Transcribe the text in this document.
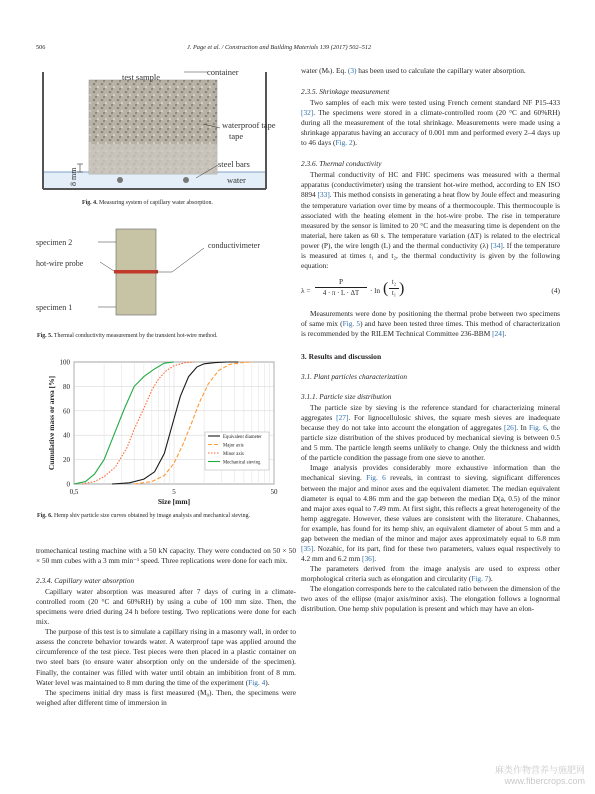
506	J. Page et al. / Construction and Building Materials 139 (2017) 502–512
test sample	container
waterproof tape
tape
steel bars
water
8 mm
Fig. 4. Measuring system of capillary water absorption.
specimen 2
hot-wire probe
conductivimeter
specimen 1
Fig. 5. Thermal conductivity measurement by the transient hot-wire method.
0
20
40
60
80
100
0,5	5	50
Size [mm]
Cumulative mass or area [%]	Equivalent diameter
Major axis
Minor axis
Mechanical sieving
Fig. 6. Hemp shiv particle size curves obtained by image analysis and mechanical sieving.

tromechanical testing machine with a 50 kN capacity. They were conducted on 50 × 50 × 50 mm cubes with a 3 mm min⁻¹ speed. Three replications were done for each mix.

2.3.4. Capillary water absorption

Capillary water absorption was measured after 7 days of curing in a climate-controlled room (20 °C and 60%RH) by using a cube of 100 mm size. Then, the specimens were dried during 24 h before testing. Two replications were done for each mix.

The purpose of this test is to simulate a capillary rising in a masonry wall, in order to assess the concrete behavior towards water. A waterproof tape was applied around the circumference of the test piece. Test pieces were then placed in a plastic container on two steel bars (to ensure water absorption only on the underside of the specimen). Finally, the container was filled with water until obtain an imbibition front of 8 mm. Water level was maintained to 8 mm during the time of the experiment (Fig. 4).

The specimens initial dry mass is first measured (M₀). Then, the specimens were weighed after different time of immersion in

water (Mₜ). Eq. (3) has been used to calculate the capillary water absorption.

2.3.5. Shrinkage measurement

Two samples of each mix were tested using French cement standard NF P15-433 [32]. The specimens were stored in a climate-controlled room (20 °C and 60%RH) during all the measurement of the total shrinkage. Measurements were made using a shrinkage apparatus having an accuracy of 0.001 mm and performed every 2–4 days up to 46 days (Fig. 2).

2.3.6. Thermal conductivity

Thermal conductivity of HC and FHC specimens was measured with a thermal apparatus (conductivimeter) using the transient hot-wire method, according to EN ISO 8894 [33]. This method consists in generating a heat flow by Joule effect and measuring the temperature variation over time by means of a thermocouple. This thermocouple is associated with the heating element in the hot-wire probe. The rise in temperature measured by the sensor is limited to 20 °C and the measuring time is dependent on the material, here taken as 60 s. The temperature variation (ΔT) is related to the electrical power (P), the wire length (L) and the thermal conductivity (λ) [34]. If the temperature is measured at times t₁ and t₂, the thermal conductivity is given by the following equation:

λ =
P
4 · π · L · ΔT	· ln ( t₂
t₁ )	(4)

Measurements were done by positioning the thermal probe between two specimens of same mix (Fig. 5) and have been tested three times. This method of characterization is recommended by the RILEM Technical Committee 236-BBM [24].

3. Results and discussion
3.1. Plant particles characterization
3.1.1. Particle size distribution

The particle size by sieving is the reference standard for characterizing mineral aggregates [27]. For lignocellulosic shives, the square mesh sieves are inadequate because they do not take into account the elongation of aggregates [26]. In Fig. 6, the particle size distribution of the shives produced by mechanical sieving is between 0.5 and 5 mm. The particle length seems unlikely to change. Only the thickness and width of the particle condition the passage from one sieve to another.

Image analysis provides considerably more exhaustive information than the mechanical sieving. Fig. 6 reveals, in contrast to sieving, significant differences between the major and minor axes and the equivalent diameter. The median equivalent diameter is equal to 4.86 mm and the gap between the median D(a, 0.5) of the minor and major axes equal to 7.49 mm. At first sight, this reflects a great heterogeneity of the hemp aggregate. However, these values are consistent with the literature. Chabannes, for example, has found for its hemp shiv, an equivalent diameter of about 5 mm and a gap between the median of the minor and major axes approximately equal to 6.8 mm [35]. Nozahic, for its part, find for these two parameters, values equal respectively to 4.2 mm and 6.2 mm [36].

The parameters derived from the image analysis are used to express other morphological criteria such as elongation and circularity (Fig. 7).

The elongation corresponds here to the calculated ratio between the dimension of the two axes of the ellipse (major axis/minor axis). The elongation follows a lognormal distribution. One hemp shiv population is present and which may have an elon-

麻类作物营养与施肥网
www.fibercrops.com
